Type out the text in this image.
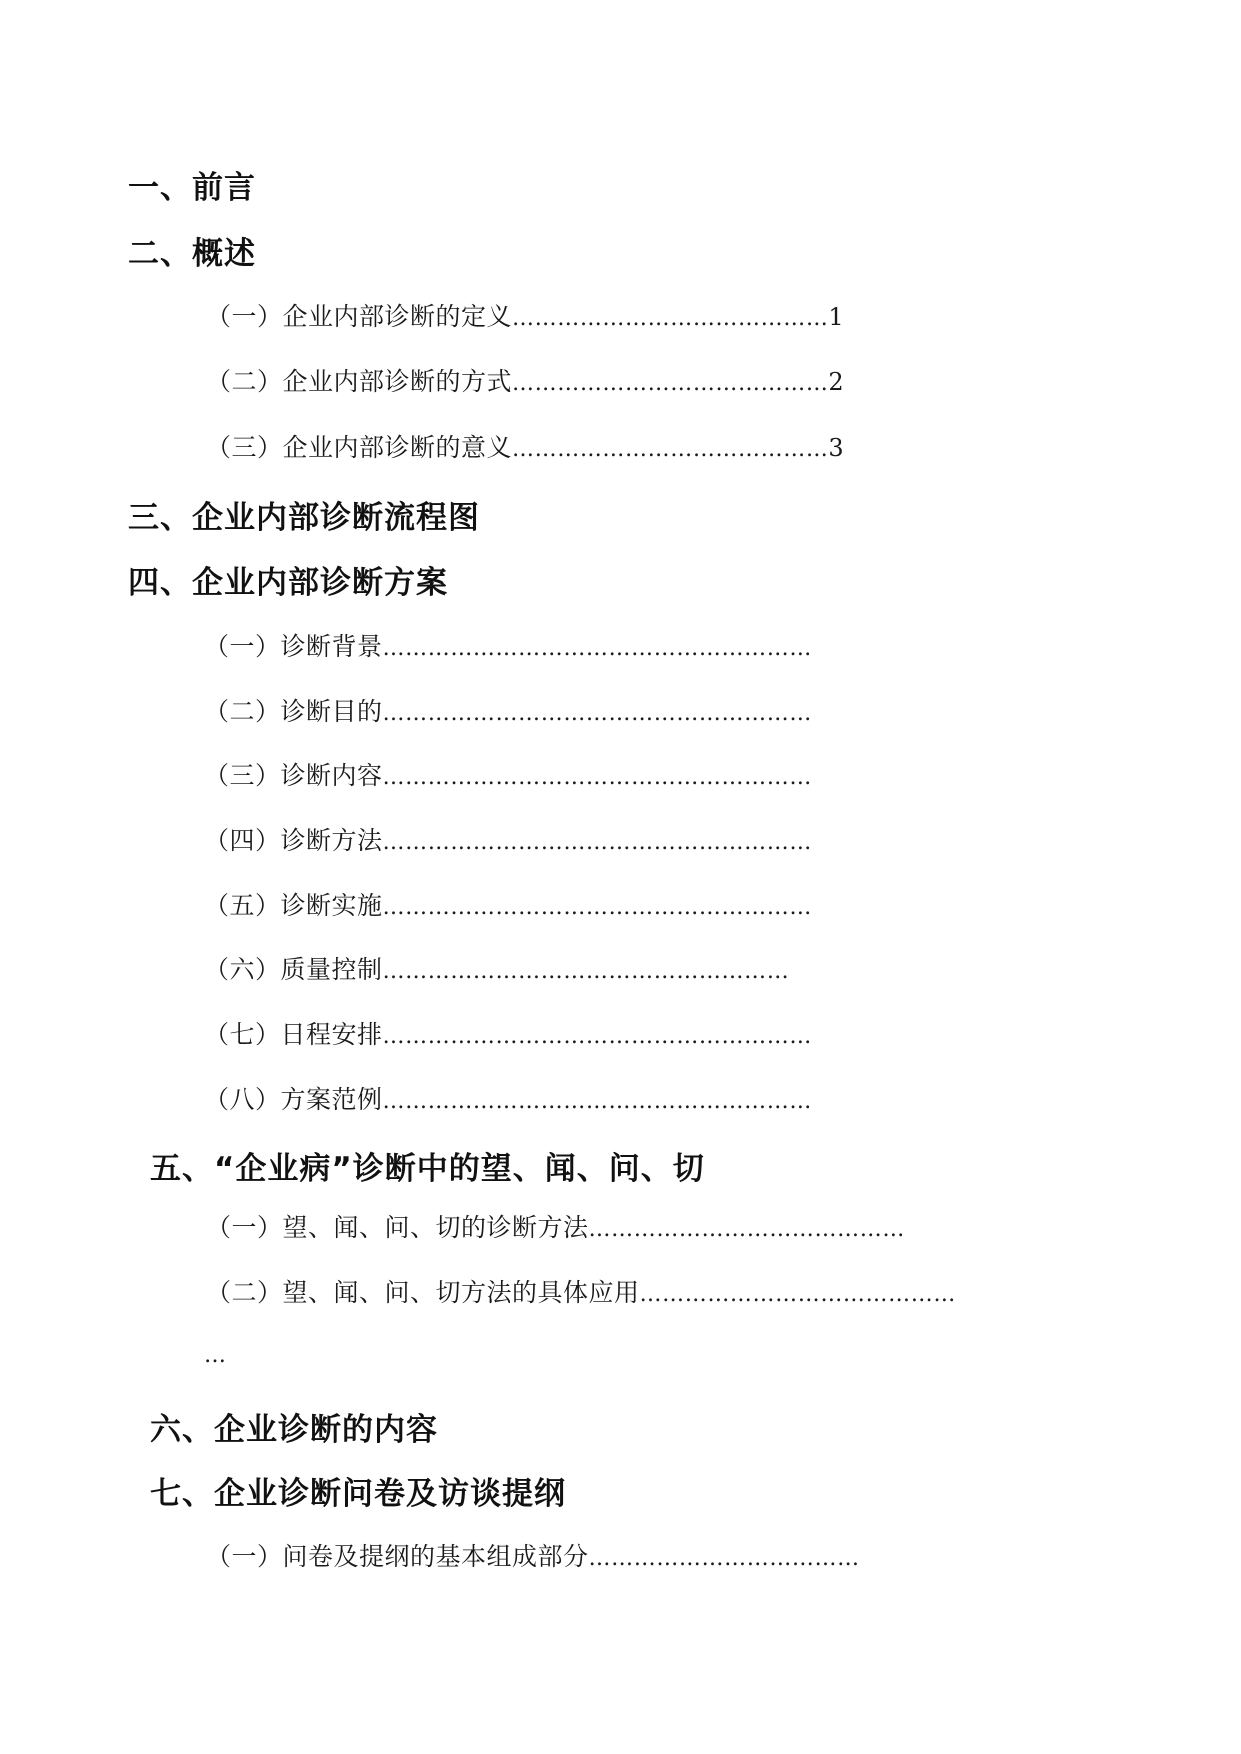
一、前言
二、概述
（一）企业内部诊断的定义……………………………………1
（二）企业内部诊断的方式……………………………………2
（三）企业内部诊断的意义……………………………………3
三、企业内部诊断流程图
四、企业内部诊断方案
（一）诊断背景…………………………………………………
（二）诊断目的…………………………………………………
（三）诊断内容…………………………………………………
（四）诊断方法…………………………………………………
（五）诊断实施…………………………………………………
（六）质量控制………………………………………………
（七）日程安排…………………………………………………
（八）方案范例…………………………………………………
五、“企业病”诊断中的望、闻、问、切
（一）望、闻、问、切的诊断方法……………………………………
（二）望、闻、问、切方法的具体应用……………………………………
…
六、企业诊断的内容
七、企业诊断问卷及访谈提纲
（一）问卷及提纲的基本组成部分………………………………
